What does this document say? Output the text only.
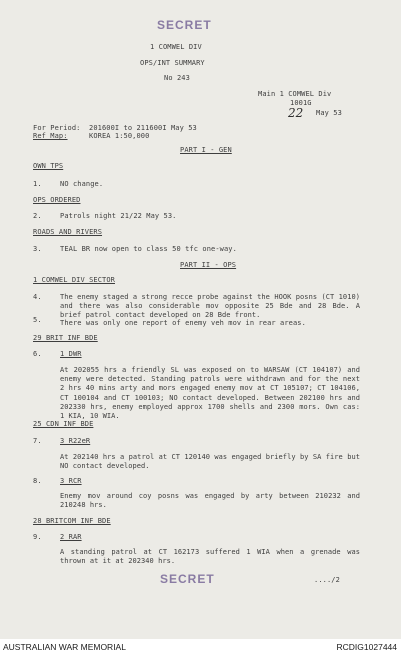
SECRET
1 COMWEL DIV
OPS/INT SUMMARY
No 243
Main 1 COMWEL Div
1001G
22 May 53
For Period: 201600I to 211600I May 53
Ref Map:	KOREA 1:50,000
PART I - GEN
OWN TPS
1.	NO change.
OPS ORDERED
2.	Patrols night 21/22 May 53.
ROADS AND RIVERS
3.	TEAL BR now open to class 50 tfc one-way.
PART II - OPS
1 COMWEL DIV SECTOR
4.	The enemy staged a strong recce probe against the HOOK posns (CT 1010) and there was also considerable mov opposite 25 Bde and 28 Bde. A brief patrol contact developed on 28 Bde front.
5.	There was only one report of enemy veh mov in rear areas.
29 BRIT INF BDE
6.	1 DWR
At 202055 hrs a friendly SL was exposed on to WARSAW (CT 104107) and enemy were detected. Standing patrols were withdrawn and for the next 2 hrs 40 mins arty and mors engaged enemy mov at CT 105107; CT 104106, CT 100104 and CT 100103; NO contact developed. Between 202100 hrs and 202330 hrs, enemy employed approx 1700 shells and 2300 mors. Own cas: 1 KIA, 10 WIA.
25 CDN INF BDE
7.	3 R22eR
At 202140 hrs a patrol at CT 120140 was engaged briefly by SA fire but NO contact developed.
8.	3 RCR
Enemy mov around coy posns was engaged by arty between 210232 and 210248 hrs.
28 BRITCOM INF BDE
9.	2 RAR
A standing patrol at CT 162173 suffered 1 WIA when a grenade was thrown at it at 202340 hrs.
SECRET	..../2
AUSTRALIAN WAR MEMORIAL	RCDIG1027444
